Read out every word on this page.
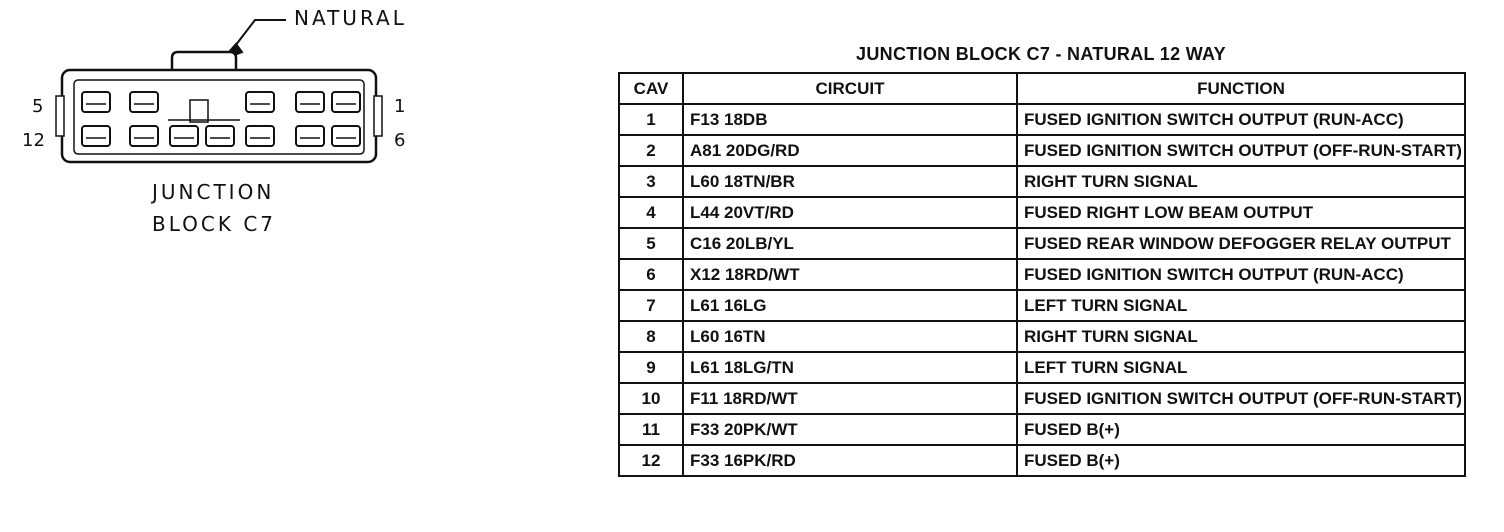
NATURAL
5
12
1
6
JUNCTION
BLOCK C7
JUNCTION BLOCK C7 - NATURAL 12 WAY
CAV	CIRCUIT	FUNCTION
1	F13 18DB	FUSED IGNITION SWITCH OUTPUT (RUN-ACC)
2	A81 20DG/RD	FUSED IGNITION SWITCH OUTPUT (OFF-RUN-START)
3	L60 18TN/BR	RIGHT TURN SIGNAL
4	L44 20VT/RD	FUSED RIGHT LOW BEAM OUTPUT
5	C16 20LB/YL	FUSED REAR WINDOW DEFOGGER RELAY OUTPUT
6	X12 18RD/WT	FUSED IGNITION SWITCH OUTPUT (RUN-ACC)
7	L61 16LG	LEFT TURN SIGNAL
8	L60 16TN	RIGHT TURN SIGNAL
9	L61 18LG/TN	LEFT TURN SIGNAL
10	F11 18RD/WT	FUSED IGNITION SWITCH OUTPUT (OFF-RUN-START)
11	F33 20PK/WT	FUSED B(+)
12	F33 16PK/RD	FUSED B(+)
